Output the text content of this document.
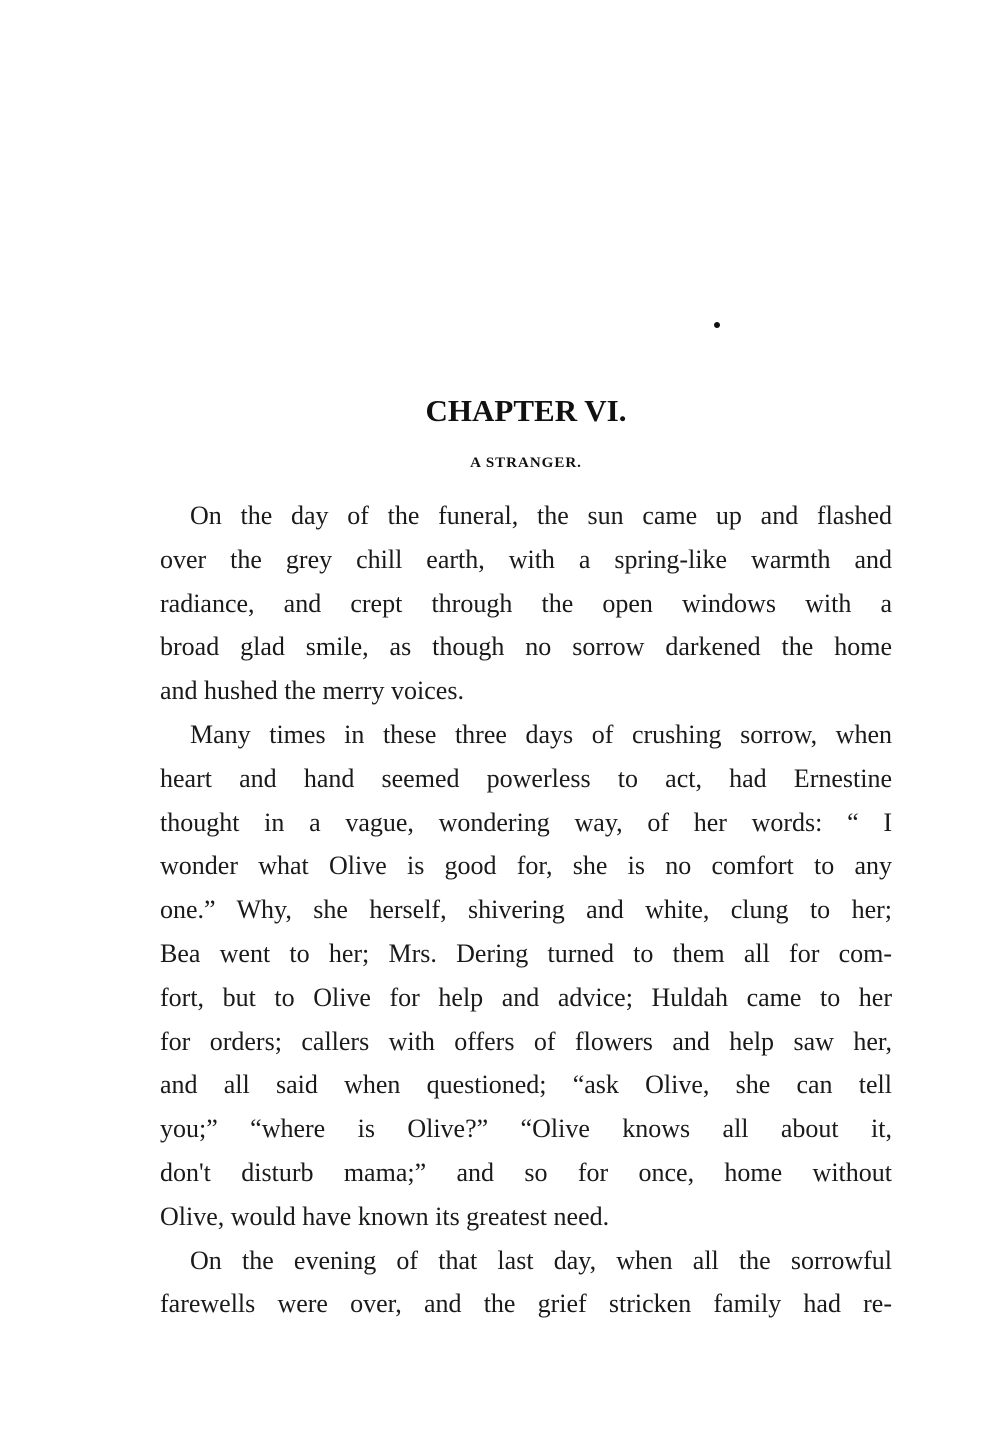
CHAPTER VI.
A STRANGER.
On the day of the funeral, the sun came up and flashed
over the grey chill earth, with a spring-like warmth and
radiance, and crept through the open windows with a
broad glad smile, as though no sorrow darkened the home
and hushed the merry voices.
Many times in these three days of crushing sorrow, when
heart and hand seemed powerless to act, had Ernestine
thought in a vague, wondering way, of her words: “ I
wonder what Olive is good for, she is no comfort to any
one.” Why, she herself, shivering and white, clung to her;
Bea went to her; Mrs. Dering turned to them all for com-
fort, but to Olive for help and advice; Huldah came to her
for orders; callers with offers of flowers and help saw her,
and all said when questioned; “ask Olive, she can tell
you;” “where is Olive?” “Olive knows all about it,
don't disturb mama;” and so for once, home without
Olive, would have known its greatest need.
On the evening of that last day, when all the sorrowful
farewells were over, and the grief stricken family had re-
